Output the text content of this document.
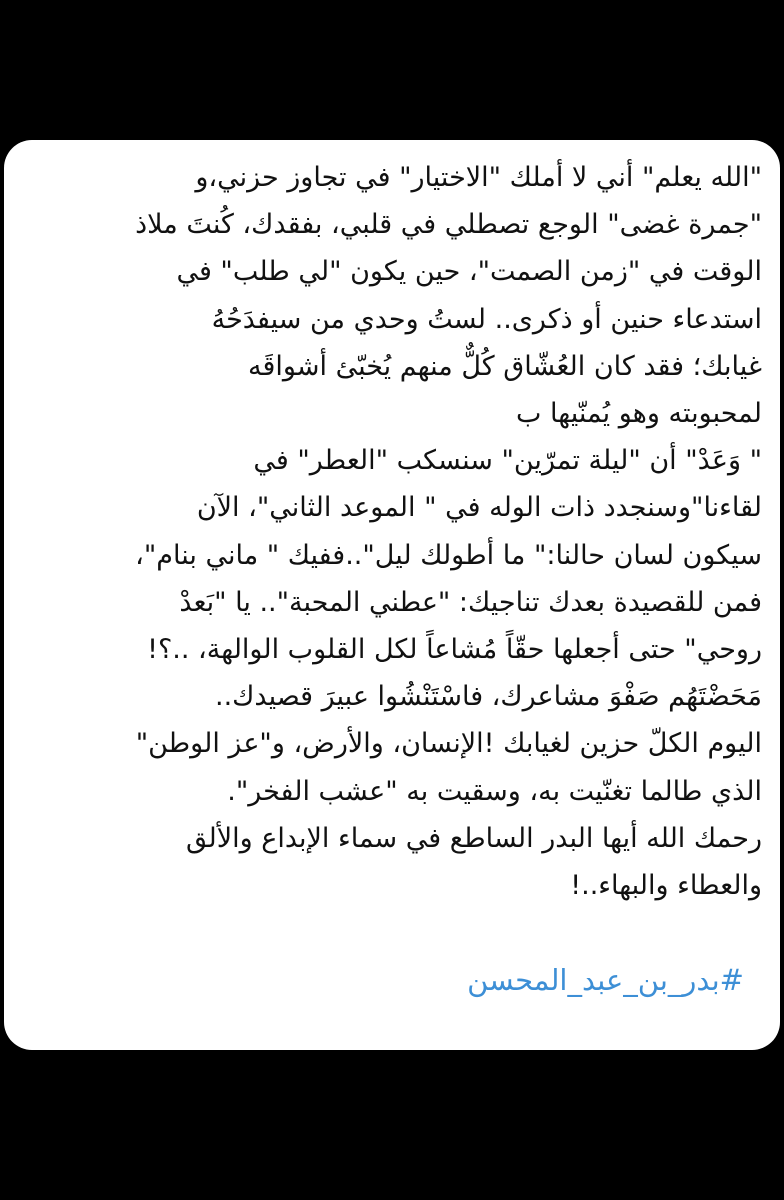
"الله يعلم" أني لا أملك "الاختيار" في تجاوز حزني،و
"جمرة غضى" الوجع تصطلي في قلبي، بفقدك، كُنتَ ملاذ
الوقت في "زمن الصمت"، حين يكون "لي طلب" في
استدعاء حنين أو ذكرى.. لستُ وحدي من سيفدَحُهُ
غيابك؛ فقد كان العُشّاق كُلٌّ منهم يُخبّئ أشواقَه
لمحبوبته وهو يُمنّيها ب
" وَعَدْ" أن "ليلة تمرّين" سنسكب "العطر" في
لقاءنا"وسنجدد ذات الوله في " الموعد الثاني"، الآن
سيكون لسان حالنا:" ما أطولك ليل"..ففيك " ماني بنام"،
فمن للقصيدة بعدك تناجيك: "عطني المحبة".. يا "بَعدْ
روحي" حتى أجعلها حقّاً مُشاعاً لكل القلوب الوالهة، ..؟!
مَحَضْتَهُم صَفْوَ مشاعرك، فاسْتَنْشُوا عبيرَ قصيدك..
اليوم الكلّ حزين لغيابك !الإنسان، والأرض، و"عز الوطن"
الذي طالما تغنّيت به، وسقيت به "عشب الفخر".
رحمك الله أيها البدر الساطع في سماء الإبداع والألق
والعطاء والبهاء..!
#بدر_بن_عبد_المحسن
